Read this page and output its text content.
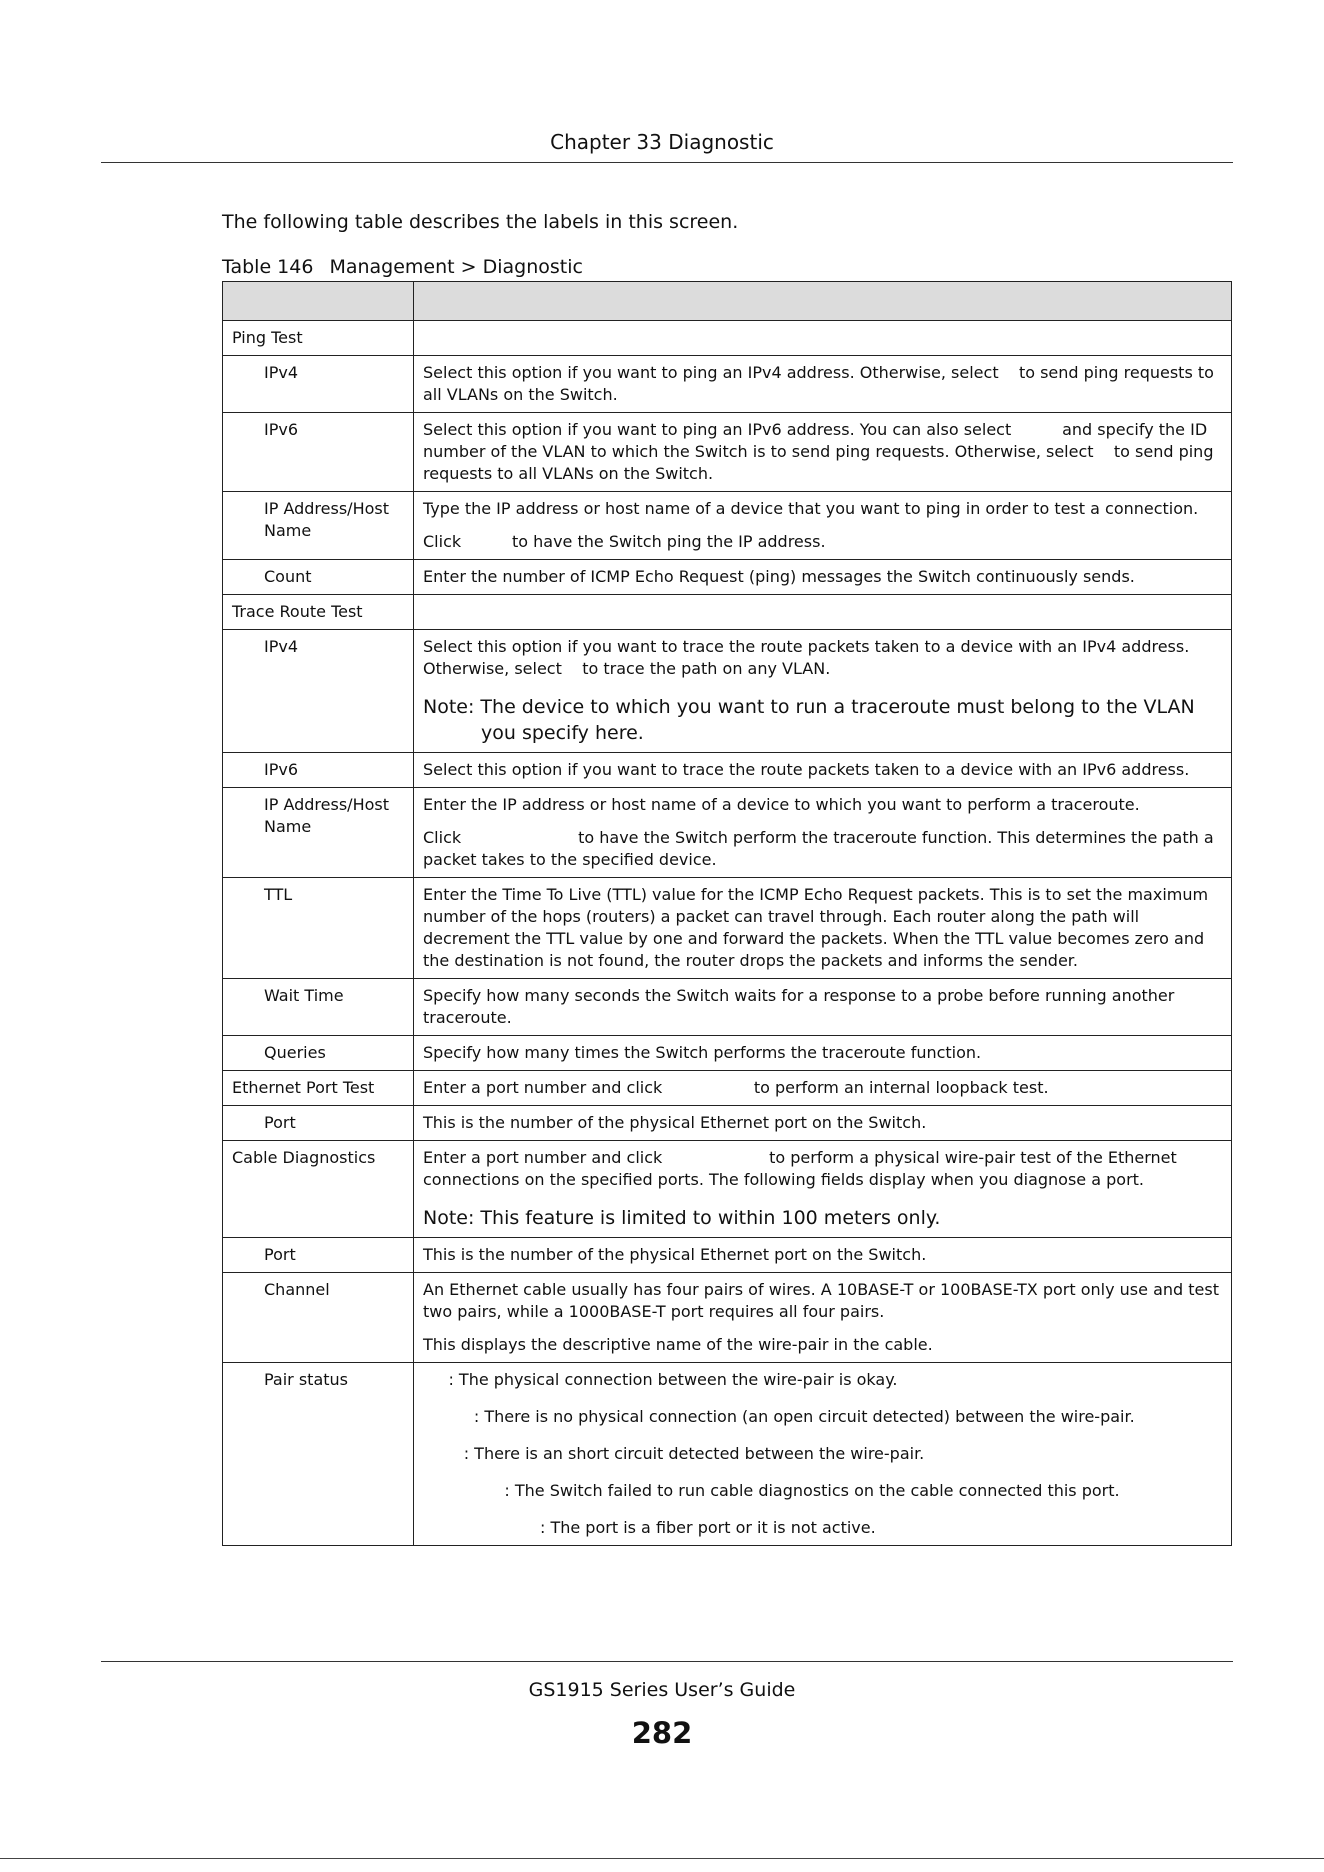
Chapter 33 Diagnostic
The following table describes the labels in this screen.
Table 146 Management > Diagnostic

Ping Test	
IPv4	Select this option if you want to ping an IPv4 address. Otherwise, select    to send ping requests to all VLANs on the Switch.

IPv6	Select this option if you want to ping an IPv6 address. You can also select          and specify the ID number of the VLAN to which the Switch is to send ping requests. Otherwise, select    to send ping requests to all VLANs on the Switch.

IP Address/Host Name	Type the IP address or host name of a device that you want to ping in order to test a connection.
Click          to have the Switch ping the IP address.

Count	Enter the number of ICMP Echo Request (ping) messages the Switch continuously sends.

Trace Route Test	
IPv4	Select this option if you want to trace the route packets taken to a device with an IPv4 address. Otherwise, select    to trace the path on any VLAN.
Note: The device to which you want to run a traceroute must belong to the VLAN you specify here.

IPv6	Select this option if you want to trace the route packets taken to a device with an IPv6 address.

IP Address/Host Name	Enter the IP address or host name of a device to which you want to perform a traceroute.
Click                       to have the Switch perform the traceroute function. This determines the path a packet takes to the specified device.

TTL	Enter the Time To Live (TTL) value for the ICMP Echo Request packets. This is to set the maximum number of the hops (routers) a packet can travel through. Each router along the path will decrement the TTL value by one and forward the packets. When the TTL value becomes zero and the destination is not found, the router drops the packets and informs the sender.

Wait Time	Specify how many seconds the Switch waits for a response to a probe before running another traceroute.

Queries	Specify how many times the Switch performs the traceroute function.

Ethernet Port Test	Enter a port number and click                  to perform an internal loopback test.

Port	This is the number of the physical Ethernet port on the Switch.

Cable Diagnostics	Enter a port number and click                     to perform a physical wire-pair test of the Ethernet connections on the specified ports. The following fields display when you diagnose a port.
Note: This feature is limited to within 100 meters only.

Port	This is the number of the physical Ethernet port on the Switch.

Channel	An Ethernet cable usually has four pairs of wires. A 10BASE-T or 100BASE-TX port only use and test two pairs, while a 1000BASE-T port requires all four pairs.
This displays the descriptive name of the wire-pair in the cable.

Pair status	: The physical connection between the wire-pair is okay.
: There is no physical connection (an open circuit detected) between the wire-pair.
: There is an short circuit detected between the wire-pair.
: The Switch failed to run cable diagnostics on the cable connected this port.
: The port is a fiber port or it is not active.
GS1915 Series User’s Guide
282
